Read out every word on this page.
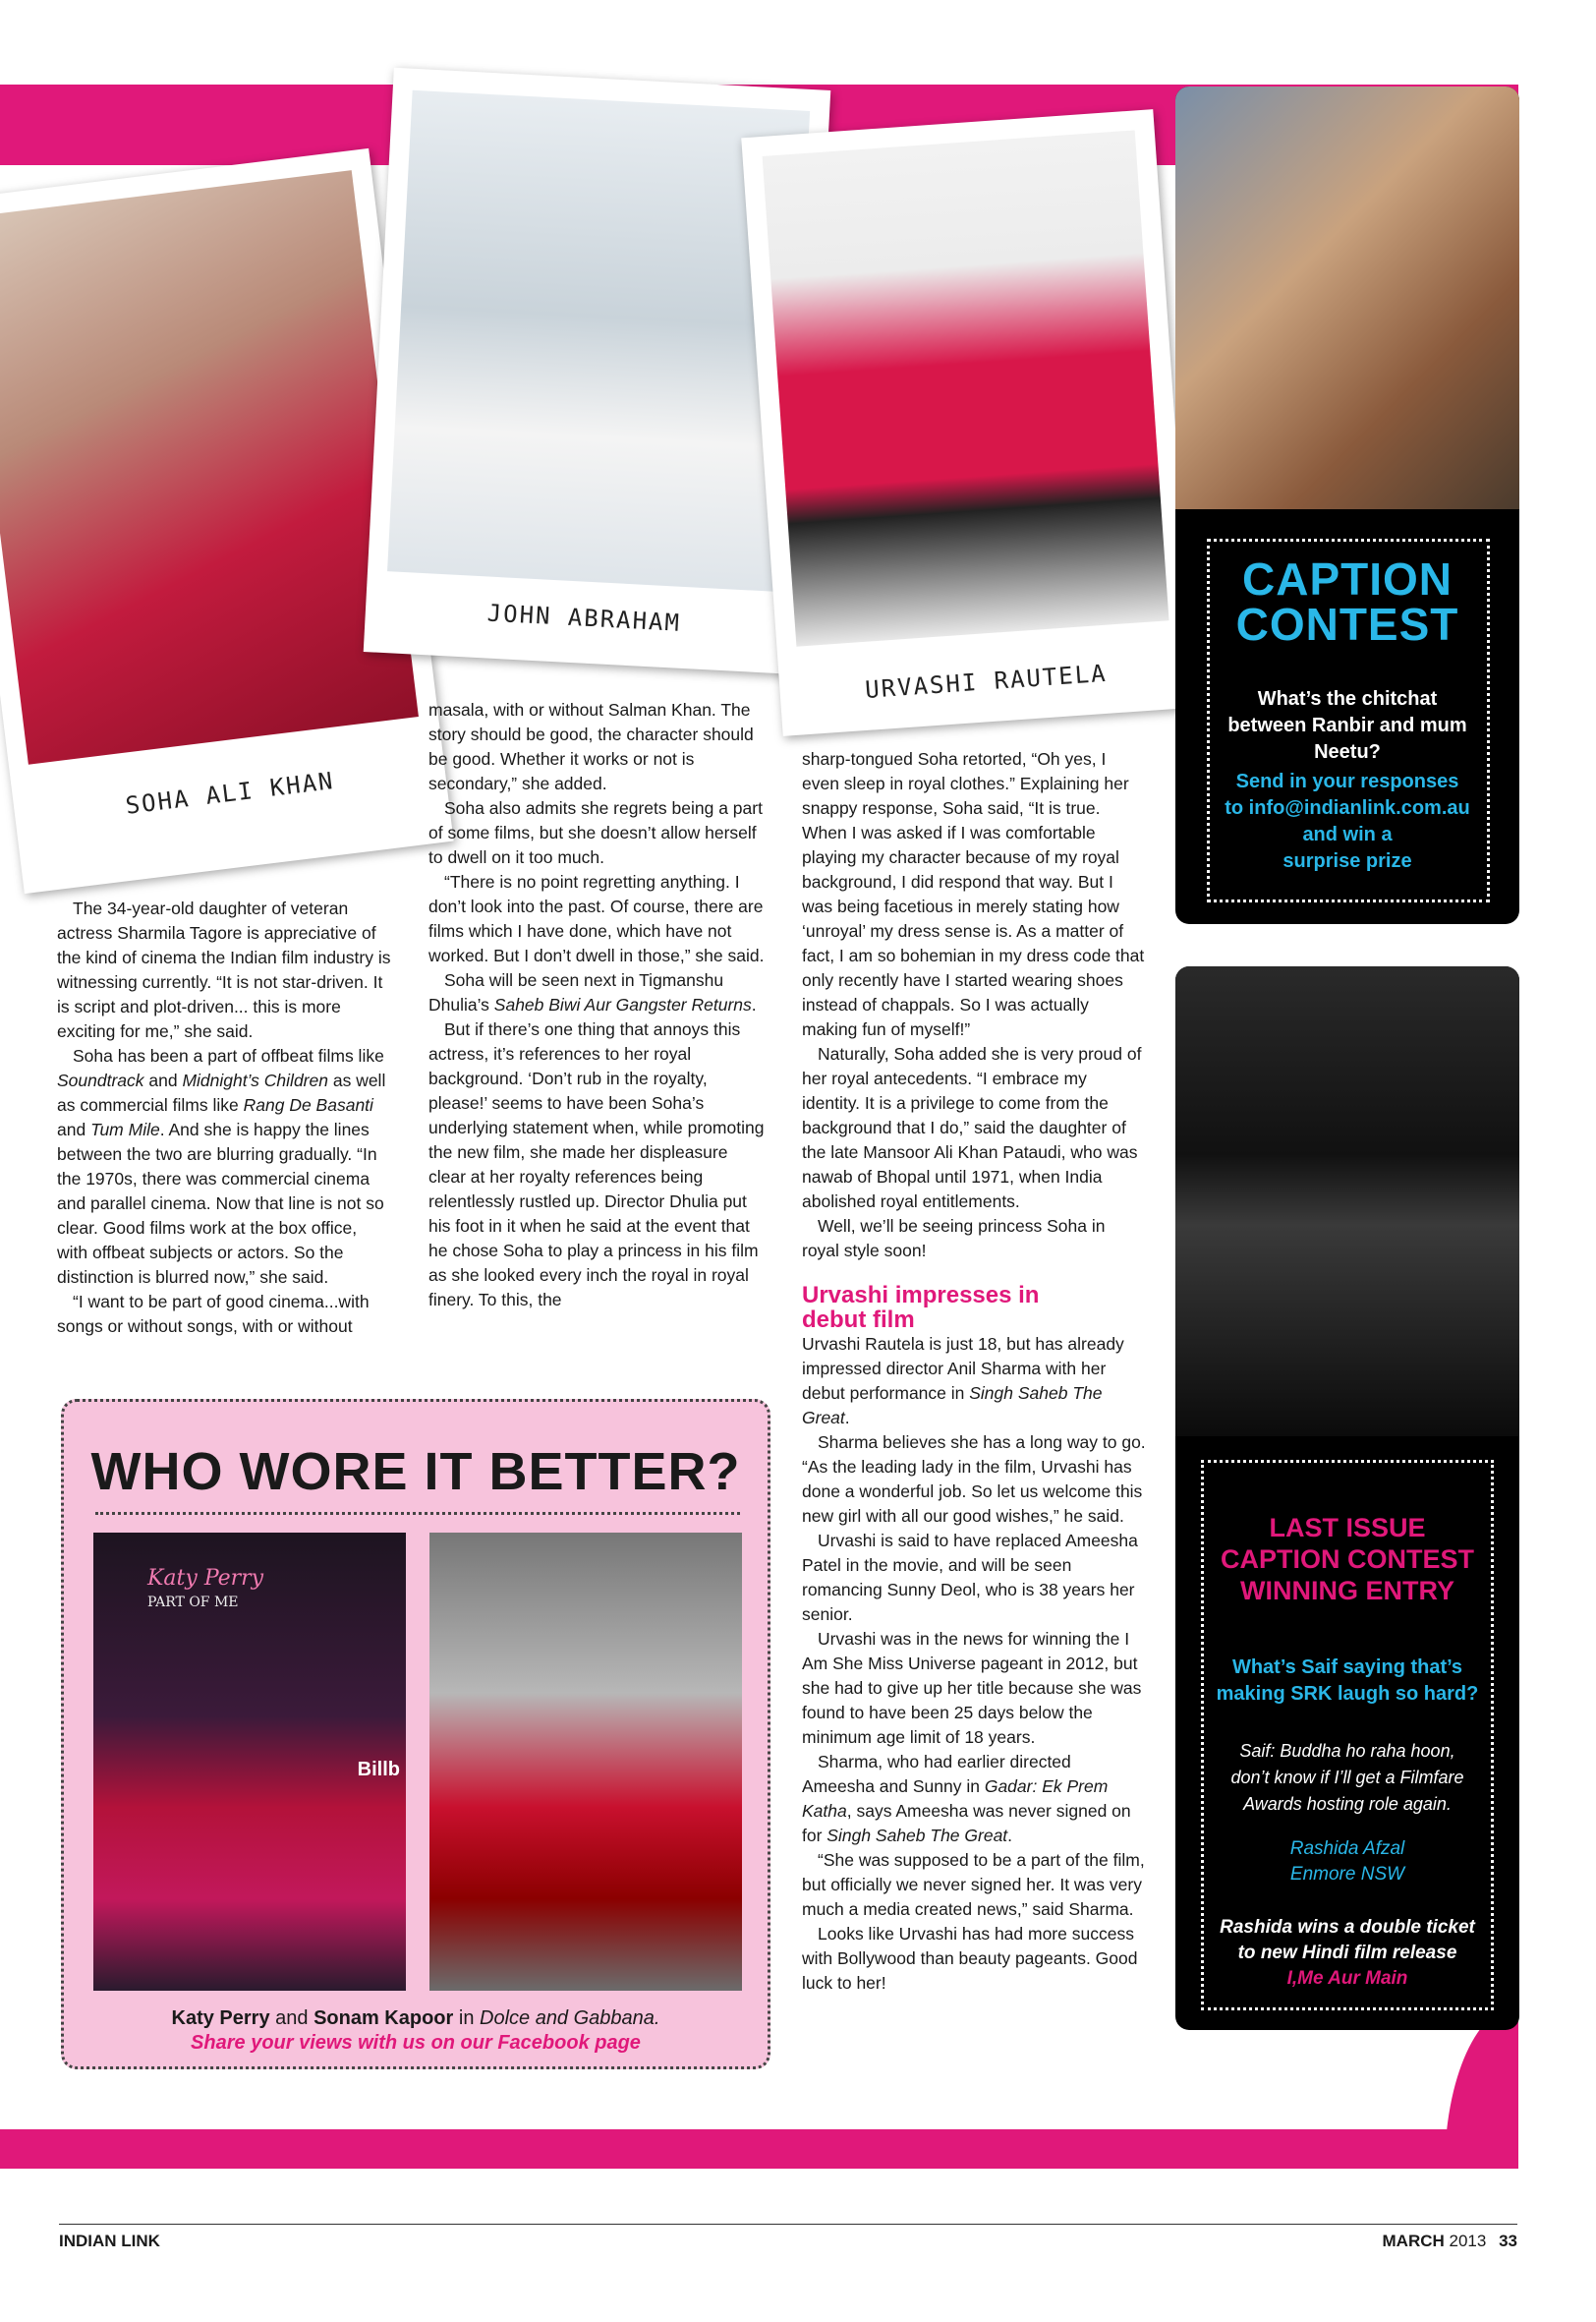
SOHA ALI KHAN
JOHN ABRAHAM
URVASHI RAUTELA
CAPTION
CONTEST
What’s the chitchat
between Ranbir and mum
Neetu?
Send in your responses
to info@indianlink.com.au
and win a
surprise prize
LAST ISSUE
CAPTION CONTEST
WINNING ENTRY
What’s Saif saying that’s
making SRK laugh so hard?
Saif: Buddha ho raha hoon,
don’t know if I’ll get a Filmfare
Awards hosting role again.
Rashida Afzal
Enmore NSW
Rashida wins a double ticket
to new Hindi film release
I,Me Aur Main

The 34-year-old daughter of veteran actress Sharmila Tagore is appreciative of the kind of cinema the Indian film industry is witnessing currently. “It is not star-driven. It is script and plot-driven... this is more exciting for me,” she said.

Soha has been a part of offbeat films like Soundtrack and Midnight’s Children as well as commercial films like Rang De Basanti and Tum Mile. And she is happy the lines between the two are blurring gradually. “In the 1970s, there was commercial cinema and parallel cinema. Now that line is not so clear. Good films work at the box office, with offbeat subjects or actors. So the distinction is blurred now,” she said.

“I want to be part of good cinema...with songs or without songs, with or without

masala, with or without Salman Khan. The story should be good, the character should be good. Whether it works or not is secondary,” she added.

Soha also admits she regrets being a part of some films, but she doesn’t allow herself to dwell on it too much.

“There is no point regretting anything. I don’t look into the past. Of course, there are films which I have done, which have not worked. But I don’t dwell in those,” she said.

Soha will be seen next in Tigmanshu Dhulia’s Saheb Biwi Aur Gangster Returns.

But if there’s one thing that annoys this actress, it’s references to her royal background. ‘Don’t rub in the royalty, please!’ seems to have been Soha’s underlying statement when, while promoting the new film, she made her displeasure clear at her royalty references being relentlessly rustled up. Director Dhulia put his foot in it when he said at the event that he chose Soha to play a princess in his film as she looked every inch the royal in royal finery. To this, the

sharp-tongued Soha retorted, “Oh yes, I even sleep in royal clothes.” Explaining her snappy response, Soha said, “It is true. When I was asked if I was comfortable playing my character because of my royal background, I did respond that way. But I was being facetious in merely stating how ‘unroyal’ my dress sense is. As a matter of fact, I am so bohemian in my dress code that only recently have I started wearing shoes instead of chappals. So I was actually making fun of myself!”

Naturally, Soha added she is very proud of her royal antecedents. “I embrace my identity. It is a privilege to come from the background that I do,” said the daughter of the late Mansoor Ali Khan Pataudi, who was nawab of Bhopal until 1971, when India abolished royal entitlements.

Well, we’ll be seeing princess Soha in royal style soon!

Urvashi impresses in debut film

Urvashi Rautela is just 18, but has already impressed director Anil Sharma with her debut performance in Singh Saheb The Great.

Sharma believes she has a long way to go. “As the leading lady in the film, Urvashi has done a wonderful job. So let us welcome this new girl with all our good wishes,” he said.

Urvashi is said to have replaced Ameesha Patel in the movie, and will be seen romancing Sunny Deol, who is 38 years her senior.

Urvashi was in the news for winning the I Am She Miss Universe pageant in 2012, but she had to give up her title because she was found to have been 25 days below the minimum age limit of 18 years.

Sharma, who had earlier directed Ameesha and Sunny in Gadar: Ek Prem Katha, says Ameesha was never signed on for Singh Saheb The Great.

“She was supposed to be a part of the film, but officially we never signed her. It was very much a media created news,” said Sharma.

Looks like Urvashi has had more success with Bollywood than beauty pageants. Good luck to her!

WHO WORE IT BETTER?
Katy Perry
PART OF ME
Billb
Katy Perry and Sonam Kapoor in Dolce and Gabbana.
Share your views with us on our Facebook page
INDIAN LINK	MARCH 2013 33
